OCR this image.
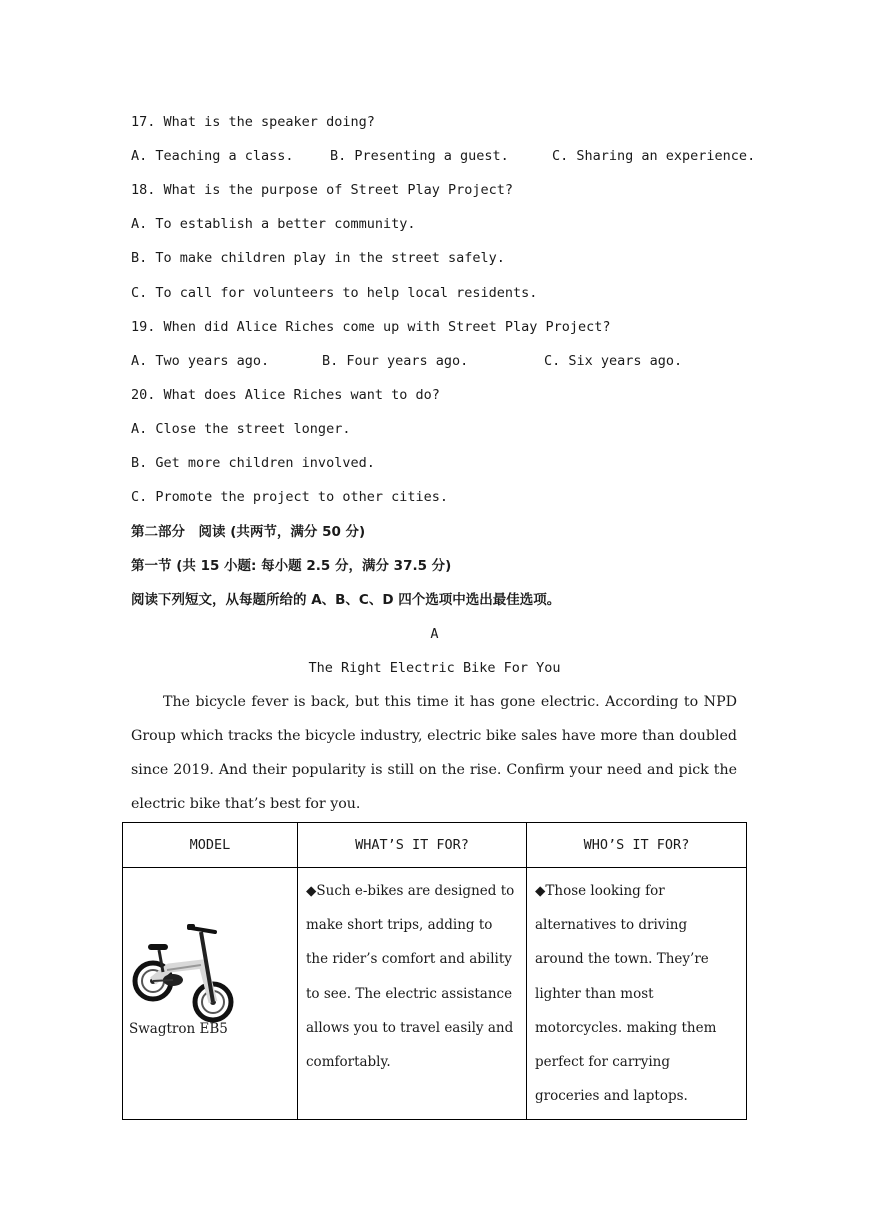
17. What is the speaker doing?
A. Teaching a class.	B. Presenting a guest.	C. Sharing an experience.
18. What is the purpose of Street Play Project?
A. To establish a better community.
B. To make children play in the street safely.
C. To call for volunteers to help local residents.
19. When did Alice Riches come up with Street Play Project?
A. Two years ago.	B. Four years ago.	C. Six years ago.
20. What does Alice Riches want to do?
A. Close the street longer.
B. Get more children involved.
C. Promote the project to other cities.
第二部分　阅读 (共两节，满分 50 分)
第一节 (共 15 小题: 每小题 2.5 分，满分 37.5 分)
阅读下列短文，从每题所给的 A、B、C、D 四个选项中选出最佳选项。
A
The Right Electric Bike For You
The bicycle fever is back, but this time it has gone electric. According to NPD Group which tracks the bicycle industry, electric bike sales have more than doubled since 2019. And their popularity is still on the rise. Confirm your need and pick the electric bike that’s best for you.
MODEL	WHAT’S IT FOR?	WHO’S IT FOR?

Swagtron EB5	◆Such e-bikes are designed to make short trips, adding to the rider’s comfort and ability to see. The electric assistance allows you to travel easily and comfortably.	◆Those looking for alternatives to driving around the town. They’re lighter than most motorcycles. making them perfect for carrying groceries and laptops.
